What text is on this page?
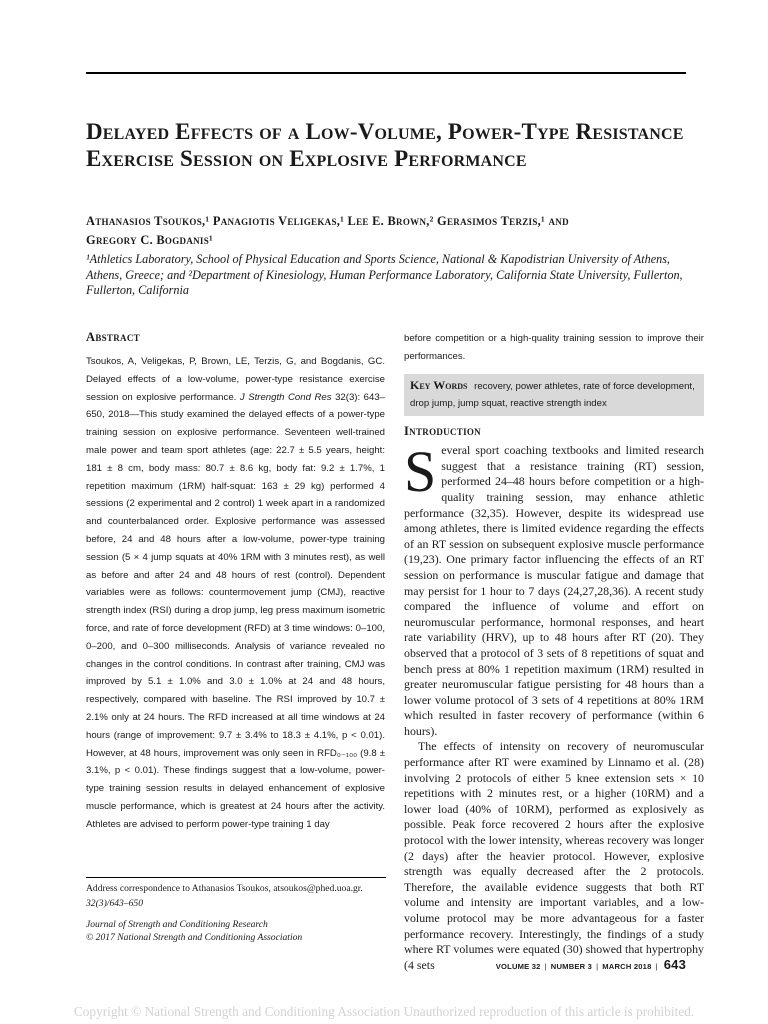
Delayed Effects of a Low-Volume, Power-Type Resistance Exercise Session on Explosive Performance
Athanasios Tsoukos,¹ Panagiotis Veligekas,¹ Lee E. Brown,² Gerasimos Terzis,¹ and
Gregory C. Bogdanis¹
¹Athletics Laboratory, School of Physical Education and Sports Science, National & Kapodistrian University of Athens, Athens, Greece; and ²Department of Kinesiology, Human Performance Laboratory, California State University, Fullerton, Fullerton, California
Abstract

Tsoukos, A, Veligekas, P, Brown, LE, Terzis, G, and Bogdanis, GC. Delayed effects of a low-volume, power-type resistance exercise session on explosive performance. J Strength Cond Res 32(3): 643–650, 2018—This study examined the delayed effects of a power-type training session on explosive performance. Seventeen well-trained male power and team sport athletes (age: 22.7 ± 5.5 years, height: 181 ± 8 cm, body mass: 80.7 ± 8.6 kg, body fat: 9.2 ± 1.7%, 1 repetition maximum (1RM) half-squat: 163 ± 29 kg) performed 4 sessions (2 experimental and 2 control) 1 week apart in a randomized and counterbalanced order. Explosive performance was assessed before, 24 and 48 hours after a low-volume, power-type training session (5 × 4 jump squats at 40% 1RM with 3 minutes rest), as well as before and after 24 and 48 hours of rest (control). Dependent variables were as follows: countermovement jump (CMJ), reactive strength index (RSI) during a drop jump, leg press maximum isometric force, and rate of force development (RFD) at 3 time windows: 0–100, 0–200, and 0–300 milliseconds. Analysis of variance revealed no changes in the control conditions. In contrast after training, CMJ was improved by 5.1 ± 1.0% and 3.0 ± 1.0% at 24 and 48 hours, respectively, compared with baseline. The RSI improved by 10.7 ± 2.1% only at 24 hours. The RFD increased at all time windows at 24 hours (range of improvement: 9.7 ± 3.4% to 18.3 ± 4.1%, p < 0.01). However, at 48 hours, improvement was only seen in RFD₀₋₁₀₀ (9.8 ± 3.1%, p < 0.01). These findings suggest that a low-volume, power-type training session results in delayed enhancement of explosive muscle performance, which is greatest at 24 hours after the activity. Athletes are advised to perform power-type training 1 day

before competition or a high-quality training session to improve their performances.

Key Words recovery, power athletes, rate of force development, drop jump, jump squat, reactive strength index
Introduction

Several sport coaching textbooks and limited research suggest that a resistance training (RT) session, performed 24–48 hours before competition or a high-quality training session, may enhance athletic performance (32,35). However, despite its widespread use among athletes, there is limited evidence regarding the effects of an RT session on subsequent explosive muscle performance (19,23). One primary factor influencing the effects of an RT session on performance is muscular fatigue and damage that may persist for 1 hour to 7 days (24,27,28,36). A recent study compared the influence of volume and effort on neuromuscular performance, hormonal responses, and heart rate variability (HRV), up to 48 hours after RT (20). They observed that a protocol of 3 sets of 8 repetitions of squat and bench press at 80% 1 repetition maximum (1RM) resulted in greater neuromuscular fatigue persisting for 48 hours than a lower volume protocol of 3 sets of 4 repetitions at 80% 1RM which resulted in faster recovery of performance (within 6 hours).

The effects of intensity on recovery of neuromuscular performance after RT were examined by Linnamo et al. (28) involving 2 protocols of either 5 knee extension sets × 10 repetitions with 2 minutes rest, or a higher (10RM) and a lower load (40% of 10RM), performed as explosively as possible. Peak force recovered 2 hours after the explosive protocol with the lower intensity, whereas recovery was longer (2 days) after the heavier protocol. However, explosive strength was equally decreased after the 2 protocols. Therefore, the available evidence suggests that both RT volume and intensity are important variables, and a low-volume protocol may be more advantageous for a faster performance recovery. Interestingly, the findings of a study where RT volumes were equated (30) showed that hypertrophy (4 sets

Address correspondence to Athanasios Tsoukos, atsoukos@phed.uoa.gr.
32(3)/643–650
Journal of Strength and Conditioning Research
© 2017 National Strength and Conditioning Association
VOLUME 32 | NUMBER 3 | MARCH 2018 | 643
Copyright © National Strength and Conditioning Association Unauthorized reproduction of this article is prohibited.
